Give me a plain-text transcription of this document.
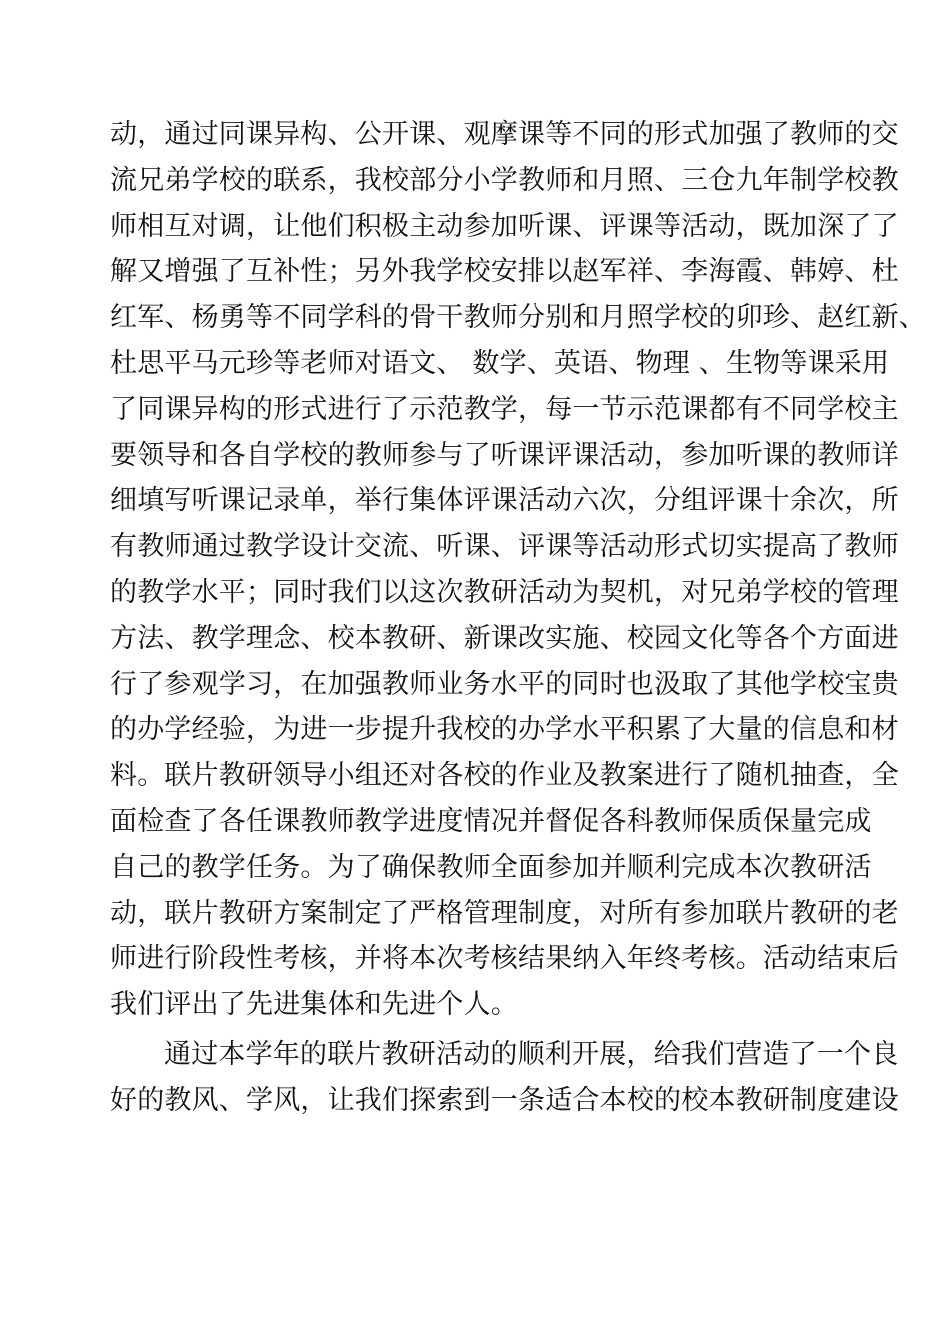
动，通过同课异构、公开课、观摩课等不同的形式加强了教师的交
流兄弟学校的联系，我校部分小学教师和月照、三仓九年制学校教
师相互对调，让他们积极主动参加听课、评课等活动，既加深了了
解又增强了互补性；另外我学校安排以赵军祥、李海霞、韩婷、杜
红军、杨勇等不同学科的骨干教师分别和月照学校的卯珍、赵红新、
杜思平马元珍等老师对语文、 数学、英语、物理 、生物等课采用
了同课异构的形式进行了示范教学，每一节示范课都有不同学校主
要领导和各自学校的教师参与了听课评课活动，参加听课的教师详
细填写听课记录单，举行集体评课活动六次，分组评课十余次，所
有教师通过教学设计交流、听课、评课等活动形式切实提高了教师
的教学水平；同时我们以这次教研活动为契机，对兄弟学校的管理
方法、教学理念、校本教研、新课改实施、校园文化等各个方面进
行了参观学习，在加强教师业务水平的同时也汲取了其他学校宝贵
的办学经验，为进一步提升我校的办学水平积累了大量的信息和材
料。联片教研领导小组还对各校的作业及教案进行了随机抽查，全
面检查了各任课教师教学进度情况并督促各科教师保质保量完成
自己的教学任务。为了确保教师全面参加并顺利完成本次教研活
动，联片教研方案制定了严格管理制度，对所有参加联片教研的老
师进行阶段性考核，并将本次考核结果纳入年终考核。活动结束后
我们评出了先进集体和先进个人。
通过本学年的联片教研活动的顺利开展，给我们营造了一个良
好的教风、学风，让我们探索到一条适合本校的校本教研制度建设
